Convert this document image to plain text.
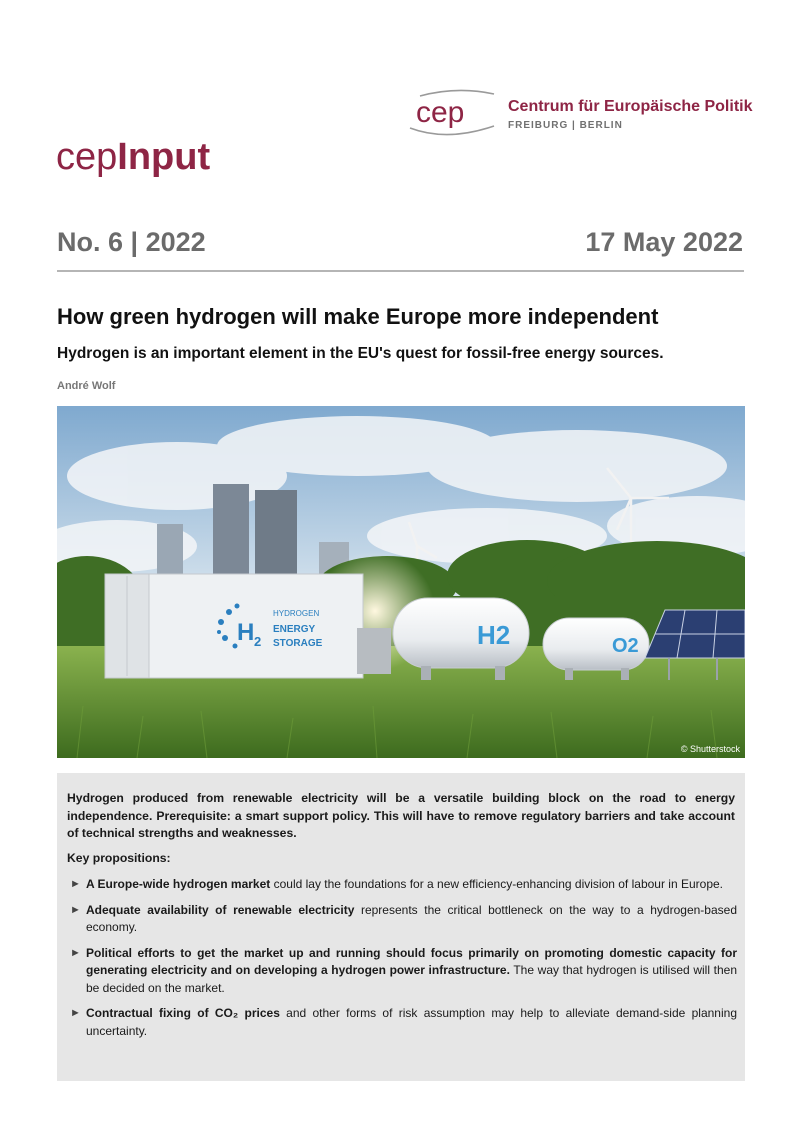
cep	Centrum für Europäische Politik
FREIBURG | BERLIN
cepInput
No. 6 | 2022	17 May 2022
How green hydrogen will make Europe more independent
Hydrogen is an important element in the EU's quest for fossil-free energy sources.
André Wolf
H 2
HYDROGEN
ENERGY
STORAGE	H2	O2
© Shutterstock
Hydrogen produced from renewable electricity will be a versatile building block on the road to energy independence. Prerequisite: a smart support policy. This will have to remove regulatory barriers and take account of technical strengths and weaknesses.
Key propositions:
► A Europe-wide hydrogen market could lay the foundations for a new efficiency-enhancing division of labour in Europe.
► Adequate availability of renewable electricity represents the critical bottleneck on the way to a hydrogen-based economy.
► Political efforts to get the market up and running should focus primarily on promoting domestic capacity for generating electricity and on developing a hydrogen power infrastructure. The way that hydrogen is utilised will then be decided on the market.
► Contractual fixing of CO₂ prices and other forms of risk assumption may help to alleviate demand-side planning uncertainty.
